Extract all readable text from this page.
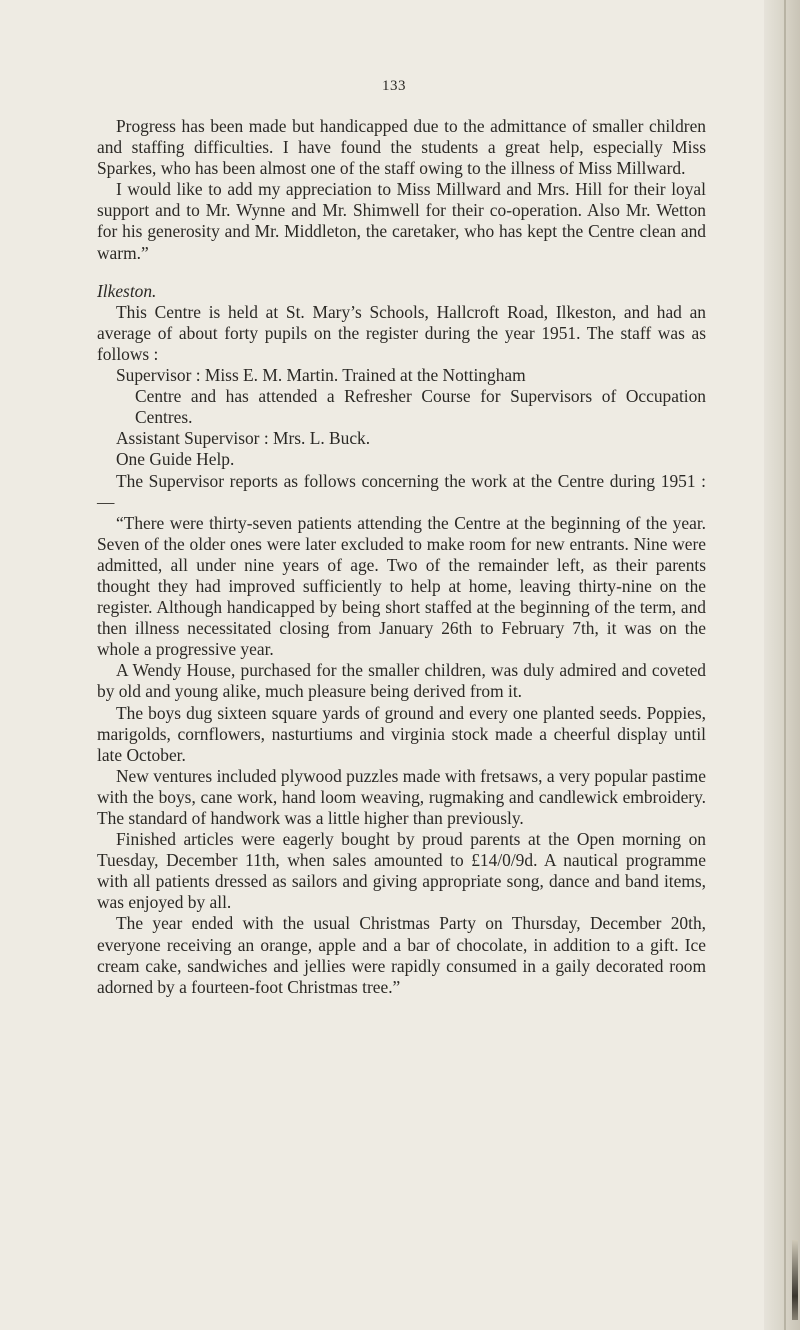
133

Progress has been made but handicapped due to the admittance of smaller children and staffing difficulties. I have found the students a great help, especially Miss Sparkes, who has been almost one of the staff owing to the illness of Miss Millward.

I would like to add my appreciation to Miss Millward and Mrs. Hill for their loyal support and to Mr. Wynne and Mr. Shimwell for their co-operation. Also Mr. Wetton for his generosity and Mr. Middleton, the caretaker, who has kept the Centre clean and warm.”

Ilkeston.

This Centre is held at St. Mary’s Schools, Hallcroft Road, Ilkeston, and had an average of about forty pupils on the register during the year 1951. The staff was as follows :

Supervisor : Miss E. M. Martin. Trained at the Nottingham
Centre and has attended a Refresher Course for Supervisors of Occupation Centres.

Assistant Supervisor : Mrs. L. Buck.

One Guide Help.

The Supervisor reports as follows concerning the work at the Centre during 1951 :—

“There were thirty-seven patients attending the Centre at the beginning of the year. Seven of the older ones were later excluded to make room for new entrants. Nine were admitted, all under nine years of age. Two of the remainder left, as their parents thought they had improved sufficiently to help at home, leaving thirty-nine on the register. Although handicapped by being short staffed at the beginning of the term, and then illness necessitated closing from January 26th to February 7th, it was on the whole a progressive year.

A Wendy House, purchased for the smaller children, was duly admired and coveted by old and young alike, much pleasure being derived from it.

The boys dug sixteen square yards of ground and every one planted seeds. Poppies, marigolds, cornflowers, nasturtiums and virginia stock made a cheerful display until late October.

New ventures included plywood puzzles made with fretsaws, a very popular pastime with the boys, cane work, hand loom weaving, rugmaking and candlewick embroidery. The standard of handwork was a little higher than previously.

Finished articles were eagerly bought by proud parents at the Open morning on Tuesday, December 11th, when sales amounted to £14/0/9d. A nautical programme with all patients dressed as sailors and giving appropriate song, dance and band items, was enjoyed by all.

The year ended with the usual Christmas Party on Thursday, December 20th, everyone receiving an orange, apple and a bar of chocolate, in addition to a gift. Ice cream cake, sandwiches and jellies were rapidly consumed in a gaily decorated room adorned by a fourteen-foot Christmas tree.”
